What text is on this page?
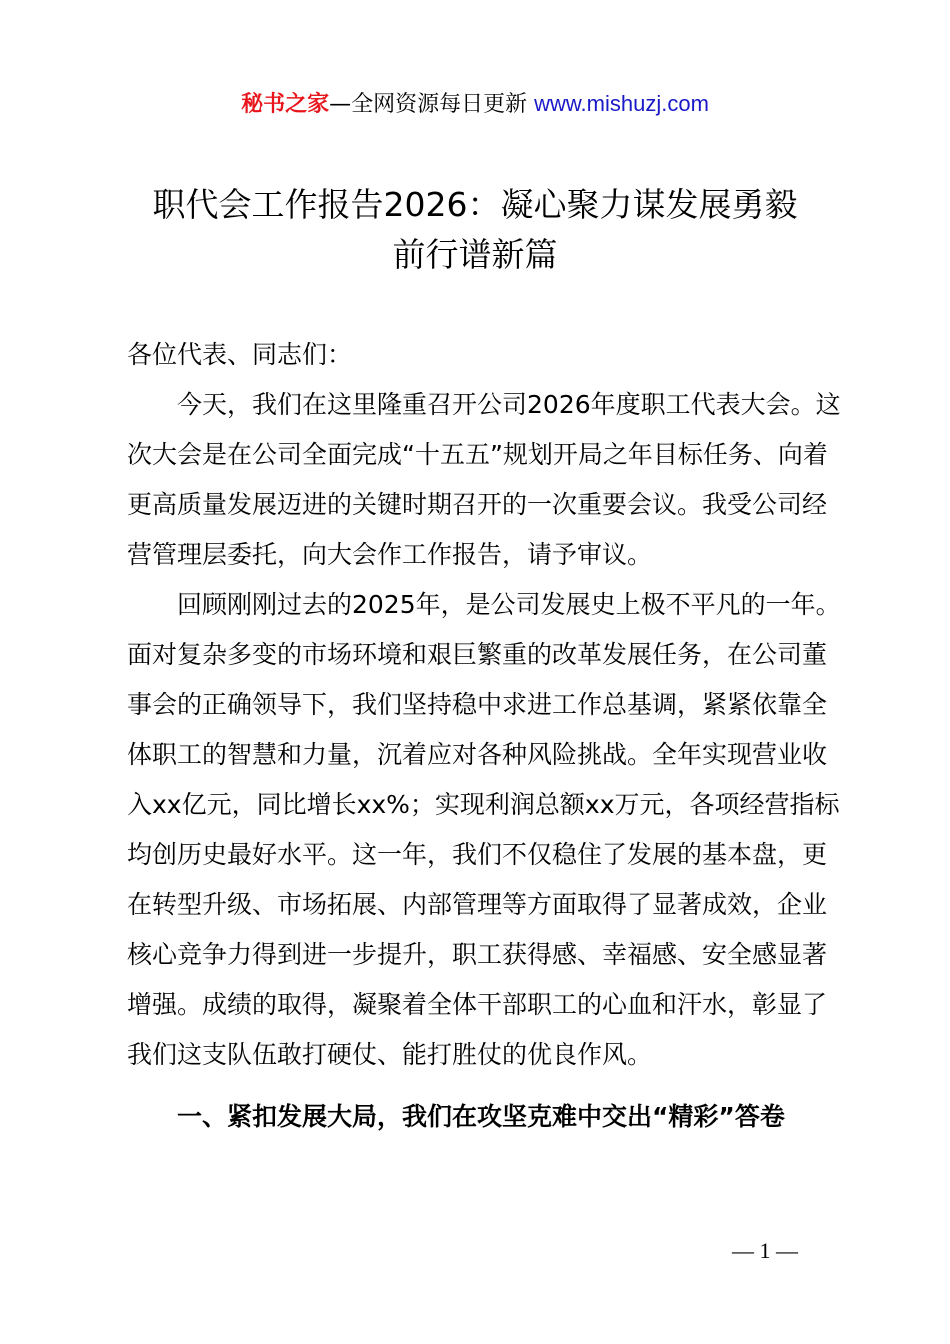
秘书之家—全网资源每日更新 www.mishuzj.com
职代会工作报告2026：凝心聚力谋发展勇毅
前行谱新篇

各位代表、同志们：

今天，我们在这里隆重召开公司2026年度职工代表大会。这次大会是在公司全面完成“十五五”规划开局之年目标任务、向着更高质量发展迈进的关键时期召开的一次重要会议。我受公司经营管理层委托，向大会作工作报告，请予审议。

回顾刚刚过去的2025年，是公司发展史上极不平凡的一年。面对复杂多变的市场环境和艰巨繁重的改革发展任务，在公司董事会的正确领导下，我们坚持稳中求进工作总基调，紧紧依靠全体职工的智慧和力量，沉着应对各种风险挑战。全年实现营业收入xx亿元，同比增长xx%；实现利润总额xx万元，各项经营指标均创历史最好水平。这一年，我们不仅稳住了发展的基本盘，更在转型升级、市场拓展、内部管理等方面取得了显著成效，企业核心竞争力得到进一步提升，职工获得感、幸福感、安全感显著增强。成绩的取得，凝聚着全体干部职工的心血和汗水，彰显了我们这支队伍敢打硬仗、能打胜仗的优良作风。

一、紧扣发展大局，我们在攻坚克难中交出“精彩”答卷

— 1 —
